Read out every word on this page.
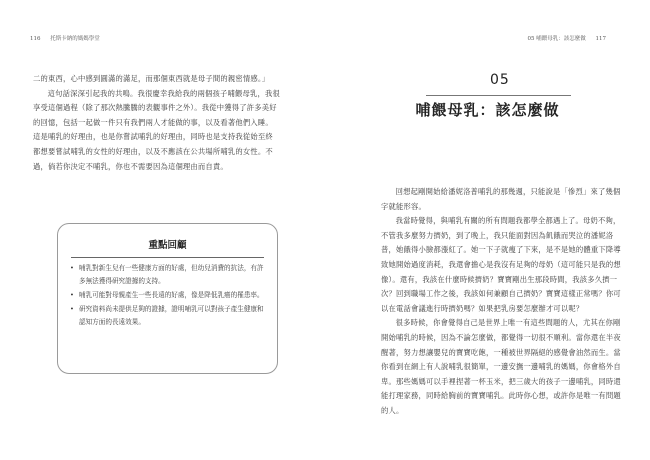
116 托斯卡納的媽媽學堂

二的東西，心中感到圓滿的滿足，而那個東西就是母子間的親密情感。」

這句話深深引起我的共鳴。我很慶幸我給我的兩個孩子哺餵母乳，我很享受這個過程（除了那次熱騰騰的表觀事件之外）。我從中獲得了許多美好的回憶，包括一起做一件只有我們兩人才能做的事，以及看著他們入睡。這是哺乳的好理由，也是你嘗試哺乳的好理由，同時也是支持我從始至終都想要嘗試哺乳的女性的好理由，以及不應該在公共場所哺乳的女性。不過，倘若你決定不哺乳，你也不需要因為這個理由而自責。

重點回顧
• 哺乳對新生兒有一些健康方面的好處，但幼兒消費的抗法，有許多無法獲得研究證據的支持。
• 哺乳可能對母親產生一些長遠的好處，像是降低乳癌的罹患率。
• 研究資料尚未提供足夠的證據，證明哺乳可以對孩子產生健康和認知方面的長遠效果。
05 哺餵母乳：該怎麼做 117
05
哺餵母乳：該怎麼做

回想起剛開始給潘妮洛普哺乳的那幾週，只能說是「慘烈」來了幾個字就能形容。

我當時覺得，與哺乳有關的所有問題我都學全都遇上了。母奶不夠，不管我多麼努力擠奶，到了晚上，我只能面對因為飢餓而哭泣的潘妮洛普，她餓得小臉都漲紅了。她一下子就瘦了下來，是不是她的體重下降導致她開始過度消耗，我還會擔心是我沒有足夠的母奶（這可能只是我的想像）。還有，我該在什麼時候擠奶？寶寶剛出生那段時間，我該多久擠一次？回到職場工作之後，我該如何兼顧自己擠奶？寶寶這樣正常嗎？你可以在電話會議進行時擠奶嗎？如果把乳房要怎麼辦才可以呢？

很多時候，你會覺得自己是世界上唯一有這些問題的人，尤其在你剛開始哺乳的時候，因為不論怎麼做，都覺得一切很不順利。當你還在半夜醒著，努力想讓嬰兒的寶寶吃飽，一種被世界隔絕的感覺會油然而生。當你看到在網上有人說哺乳很簡單，一邊安撫一邊哺乳的媽媽，你會格外自卑。那些媽媽可以手裡捏著一杯玉米，把三歲大的孩子一邊哺乳，同時還能打理家務，同時給胸前的寶寶哺乳。此時你心想，或許你是唯一有問題的人。
